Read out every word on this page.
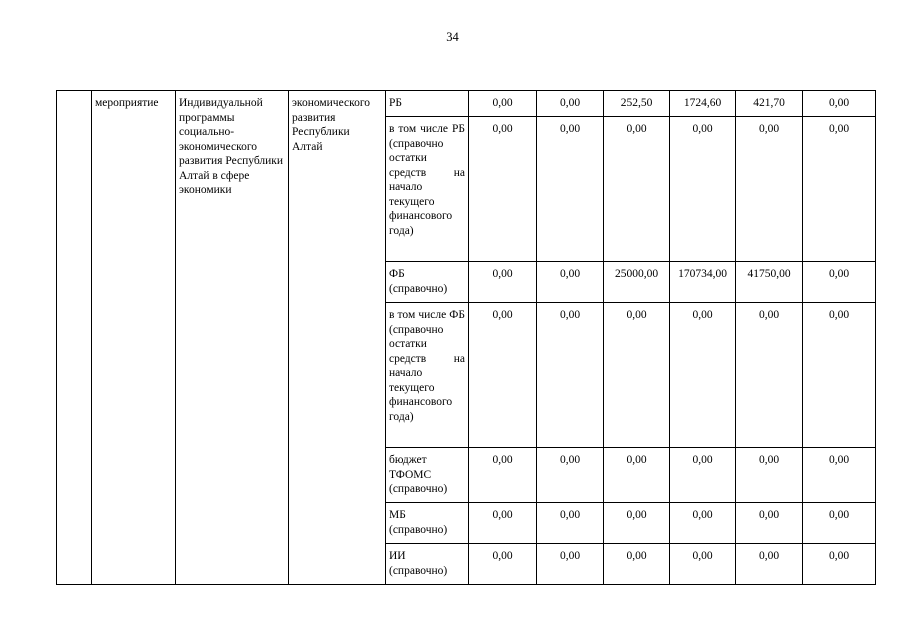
34
	мероприятие	Индивидуальной программы социально-экономического развития Республики Алтай в сфере экономики	экономического развития Республики Алтай	РБ	0,00	0,00	252,50	1724,60	421,70	0,00
				в том числе РБ (справочно остатки средств на начало текущего финансового года)	0,00	0,00	0,00	0,00	0,00	0,00
				ФБ (справочно)	0,00	0,00	25000,00	170734,00	41750,00	0,00
				в том числе ФБ (справочно остатки средств на начало текущего финансового года)	0,00	0,00	0,00	0,00	0,00	0,00
				бюджет ТФОМС (справочно)	0,00	0,00	0,00	0,00	0,00	0,00
				МБ (справочно)	0,00	0,00	0,00	0,00	0,00	0,00
				ИИ (справочно)	0,00	0,00	0,00	0,00	0,00	0,00
